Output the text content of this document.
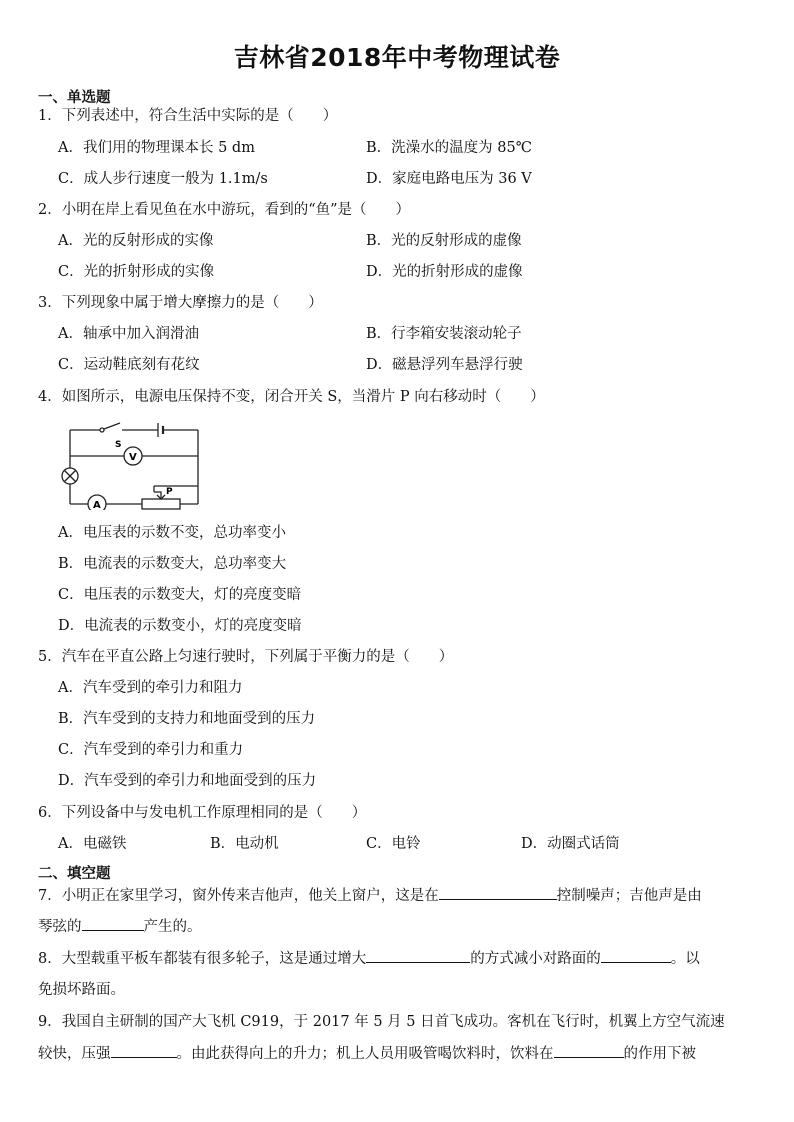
吉林省2018年中考物理试卷
一、单选题
1．下列表述中，符合生活中实际的是（　　）
A．我们用的物理课本长 5 dm	B．洗澡水的温度为 85℃
C．成人步行速度一般为 1.1m/s	D．家庭电路电压为 36 V
2．小明在岸上看见鱼在水中游玩，看到的“鱼”是（　　）
A．光的反射形成的实像	B．光的反射形成的虚像
C．光的折射形成的实像	D．光的折射形成的虚像
3．下列现象中属于增大摩擦力的是（　　）
A．轴承中加入润滑油	B．行李箱安装滚动轮子
C．运动鞋底刻有花纹	D．磁悬浮列车悬浮行驶
4．如图所示，电源电压保持不变，闭合开关 S，当滑片 P 向右移动时（　　）
S
V
A
P
A．电压表的示数不变，总功率变小
B．电流表的示数变大，总功率变大
C．电压表的示数变大，灯的亮度变暗
D．电流表的示数变小，灯的亮度变暗
5．汽车在平直公路上匀速行驶时，下列属于平衡力的是（　　）
A．汽车受到的牵引力和阻力
B．汽车受到的支持力和地面受到的压力
C．汽车受到的牵引力和重力
D．汽车受到的牵引力和地面受到的压力
6．下列设备中与发电机工作原理相同的是（　　）
A．电磁铁	B．电动机	C．电铃	D．动圈式话筒
二、填空题
7．小明正在家里学习，窗外传来吉他声，他关上窗户，这是在	控制噪声；吉他声是由
琴弦的	产生的。
8．大型载重平板车都装有很多轮子，这是通过增大	的方式减小对路面的	。以
免损坏路面。
9．我国自主研制的国产大飞机 C919，于 2017 年 5 月 5 日首飞成功。客机在飞行时，机翼上方空气流速
较快，压强	。由此获得向上的升力；机上人员用吸管喝饮料时，饮料在	的作用下被
